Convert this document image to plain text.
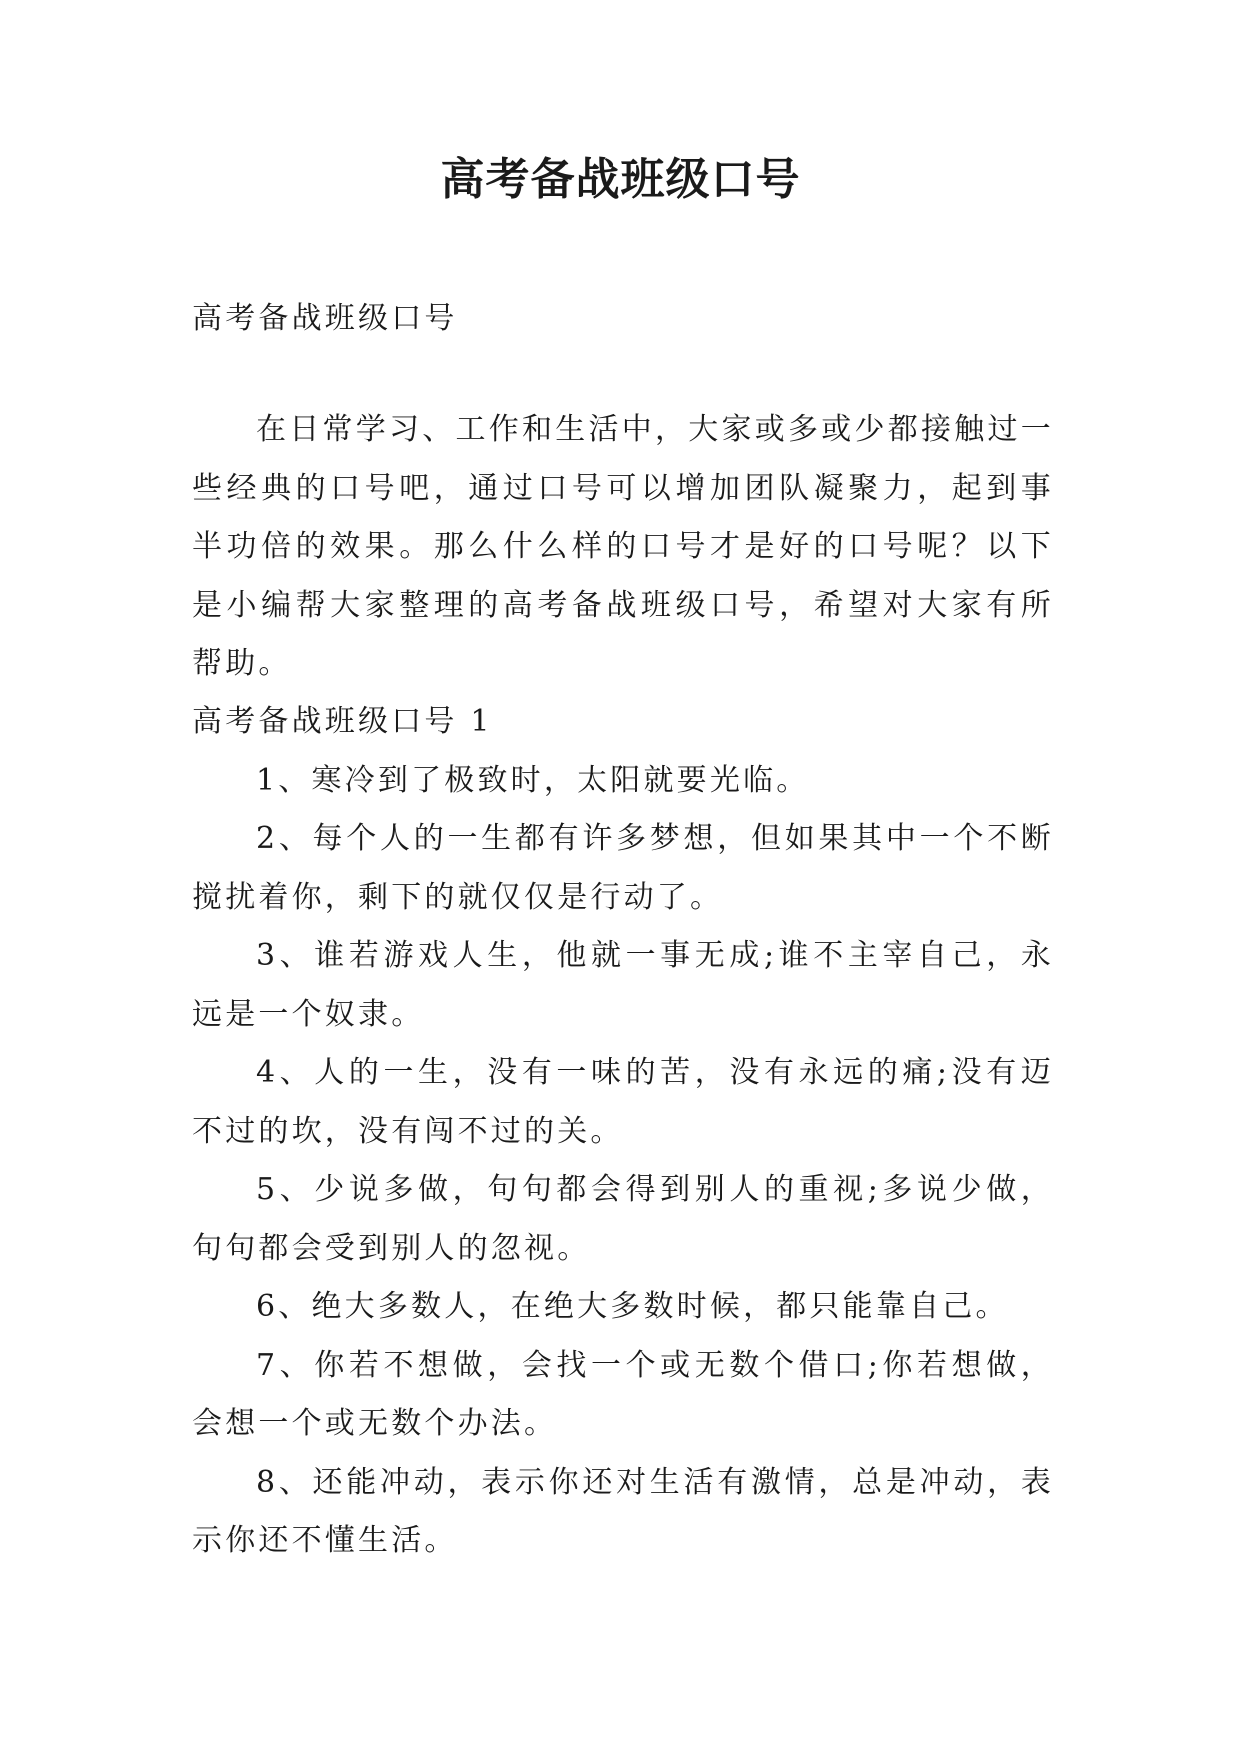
高考备战班级口号

高考备战班级口号

在日常学习、工作和生活中，大家或多或少都接触过一些经典的口号吧，通过口号可以增加团队凝聚力，起到事半功倍的效果。那么什么样的口号才是好的口号呢？以下是小编帮大家整理的高考备战班级口号，希望对大家有所帮助。

高考备战班级口号 1

1、寒冷到了极致时，太阳就要光临。

2、每个人的一生都有许多梦想，但如果其中一个不断搅扰着你，剩下的就仅仅是行动了。

3、谁若游戏人生，他就一事无成;谁不主宰自己，永远是一个奴隶。

4、人的一生，没有一味的苦，没有永远的痛;没有迈不过的坎，没有闯不过的关。

5、少说多做，句句都会得到别人的重视;多说少做，句句都会受到别人的忽视。

6、绝大多数人，在绝大多数时候，都只能靠自己。

7、你若不想做，会找一个或无数个借口;你若想做，会想一个或无数个办法。

8、还能冲动，表示你还对生活有激情，总是冲动，表示你还不懂生活。
